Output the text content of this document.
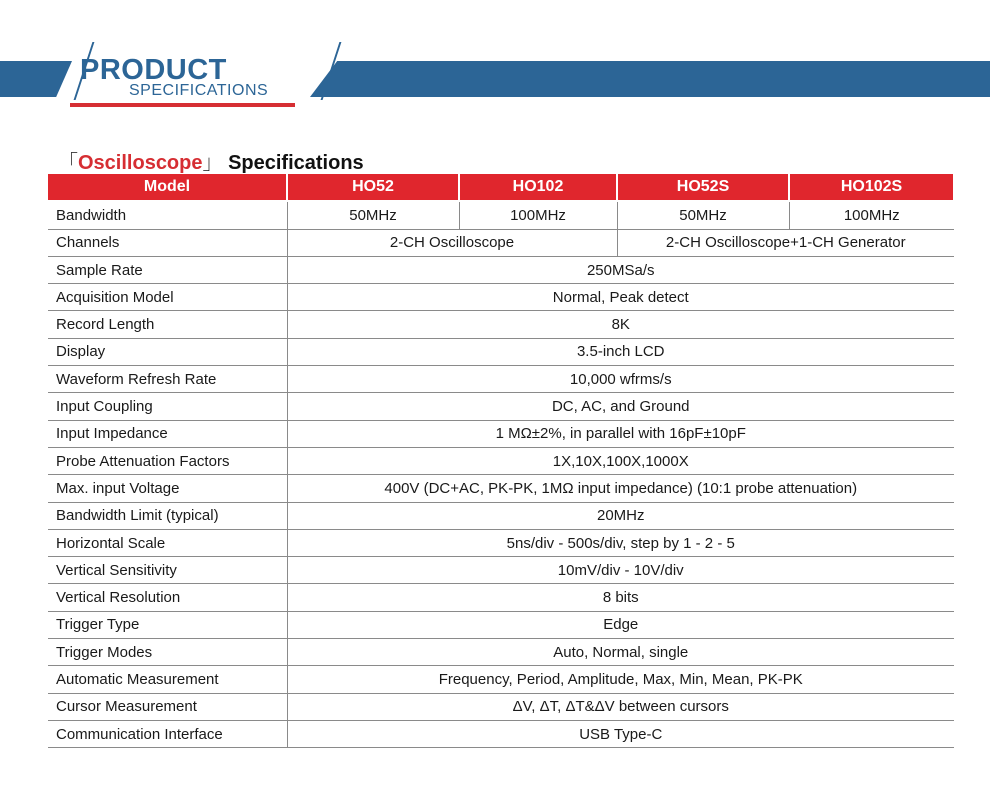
PRODUCT
SPECIFICATIONS
「Oscilloscope」 Specifications
Model	HO52	HO102	HO52S	HO102S
Bandwidth	50MHz	100MHz	50MHz	100MHz
Channels	2-CH Oscilloscope		2-CH Oscilloscope+1-CH Generator	
Sample Rate	250MSa/s			
Acquisition Model	Normal, Peak detect			
Record Length	8K			
Display	3.5-inch LCD			
Waveform Refresh Rate	10,000 wfrms/s			
Input Coupling	DC, AC, and Ground			
Input Impedance	1 MΩ±2%, in parallel with 16pF±10pF			
Probe Attenuation Factors	1X,10X,100X,1000X			
Max. input Voltage	400V (DC+AC, PK-PK, 1MΩ input impedance) (10:1 probe attenuation)			
Bandwidth Limit (typical)	20MHz			
Horizontal Scale	5ns/div - 500s/div, step by 1 - 2 - 5			
Vertical Sensitivity	10mV/div - 10V/div			
Vertical Resolution	8 bits			
Trigger Type	Edge			
Trigger Modes	Auto, Normal, single			
Automatic Measurement	Frequency, Period, Amplitude, Max, Min, Mean, PK-PK			
Cursor Measurement	ΔV, ΔT, ΔT&ΔV between cursors			
Communication Interface	USB Type-C			
